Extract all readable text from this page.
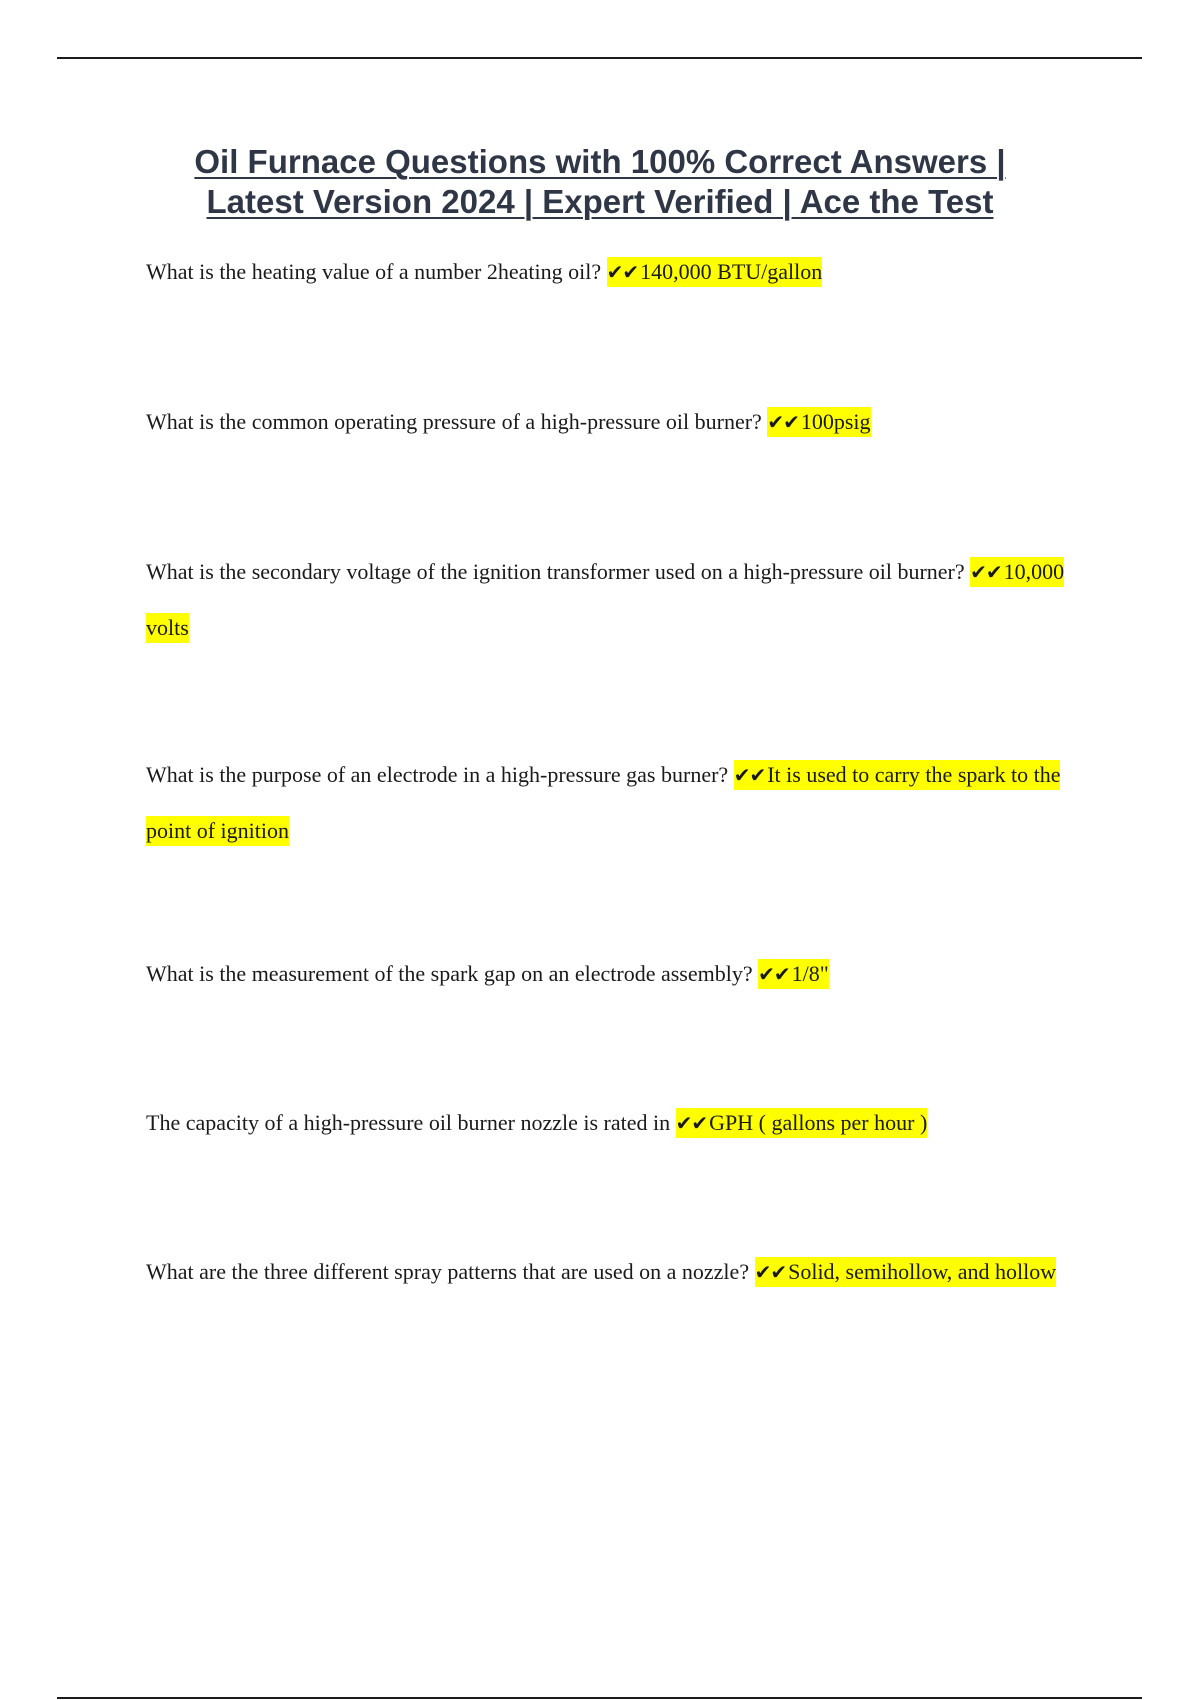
Oil Furnace Questions with 100% Correct Answers |
Latest Version 2024 | Expert Verified | Ace the Test

What is the heating value of a number 2heating oil? ✔✔140,000 BTU/gallon

What is the common operating pressure of a high-pressure oil burner? ✔✔100psig

What is the secondary voltage of the ignition transformer used on a high-pressure oil burner? ✔✔10,000 volts

What is the purpose of an electrode in a high-pressure gas burner? ✔✔It is used to carry the spark to the point of ignition

What is the measurement of the spark gap on an electrode assembly? ✔✔1/8"

The capacity of a high-pressure oil burner nozzle is rated in ✔✔GPH ( gallons per hour )

What are the three different spray patterns that are used on a nozzle? ✔✔Solid, semihollow, and hollow
